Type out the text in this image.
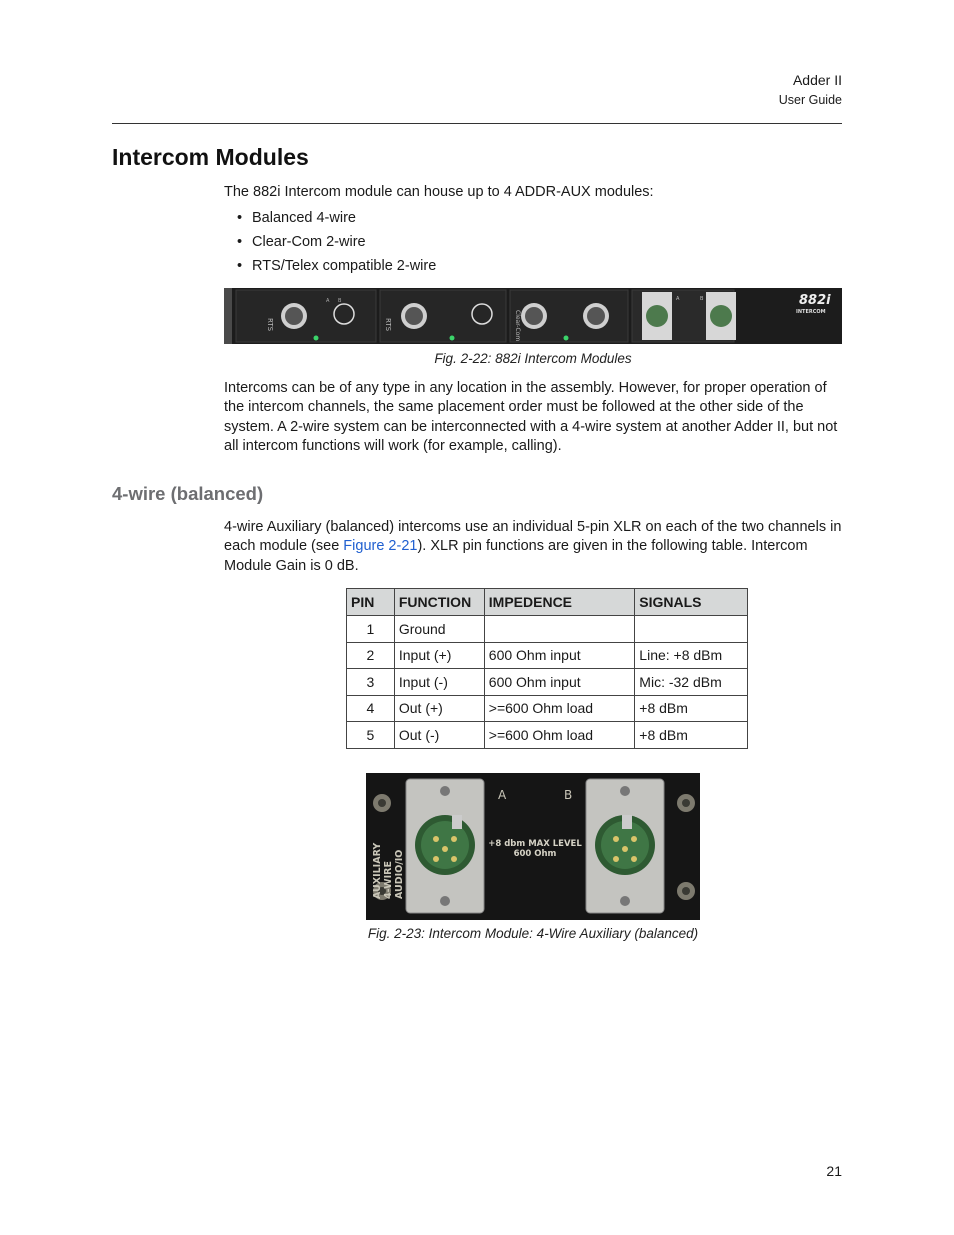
Adder II
User Guide
Intercom Modules

The 882i Intercom module can house up to 4 ADDR-AUX modules:

• Balanced 4-wire
• Clear-Com 2-wire
• RTS/Telex compatible 2-wire
RTS
A B
RTS	Clear-Com
A	B	882i
INTERCOM
Fig. 2-22: 882i Intercom Modules

Intercoms can be of any type in any location in the assembly. However, for proper operation of the intercom channels, the same placement order must be followed at the other side of the system. A 2-wire system can be interconnected with a 4-wire system at another Adder II, but not all intercom functions will work (for example, calling).

4-wire (balanced)

4-wire Auxiliary (balanced) intercoms use an individual 5-pin XLR on each of the two channels in each module (see Figure 2-21). XLR pin functions are given in the following table. Intercom Module Gain is 0 dB.

PIN	FUNCTION	IMPEDENCE	SIGNALS
1	Ground		
2	Input (+)	600 Ohm input	Line: +8 dBm
3	Input (-)	600 Ohm input	Mic: -32 dBm
4	Out (+)	>=600 Ohm load	+8 dBm
5	Out (-)	>=600 Ohm load	+8 dBm
AUXILIARY 4-WIRE AUDIO/IO
A	B
+8 dbm MAX LEVEL
600 Ohm
Fig. 2-23: Intercom Module: 4-Wire Auxiliary (balanced)
21
